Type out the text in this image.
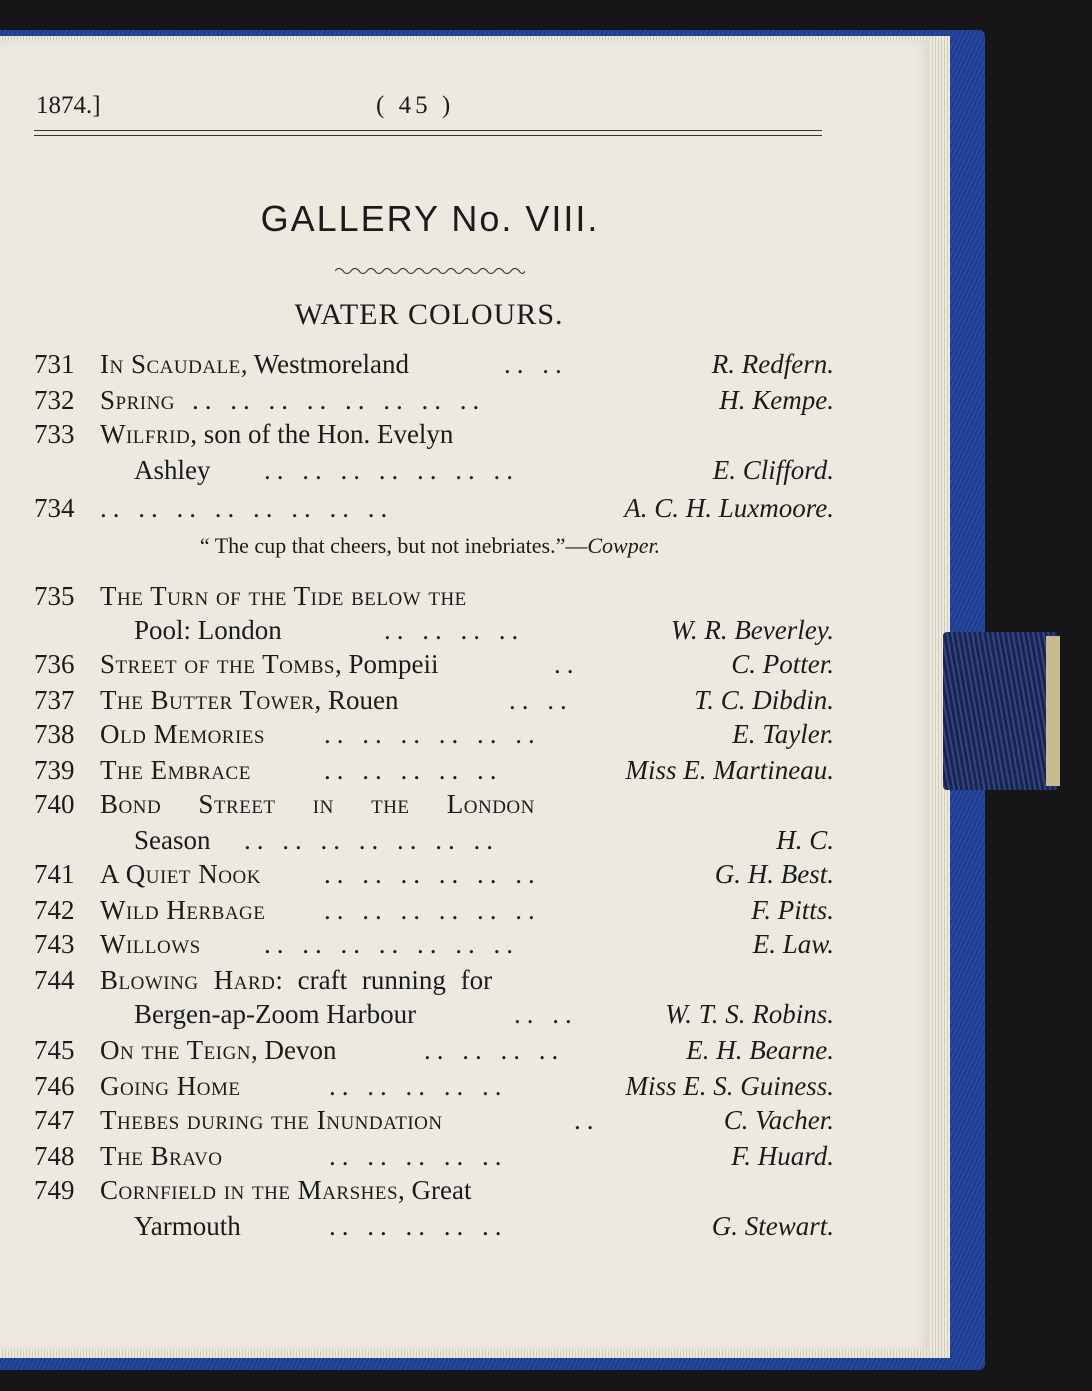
1874.]	( 45 )
GALLERY No. VIII.
WATER COLOURS.
731 In Scaudale, Westmoreland	.. ..	R. Redfern.
732 Spring .. .. .. .. .. .. .. ..	H. Kempe.
733 Wilfrid, son of the Hon. Evelyn
Ashley .. .. .. .. .. .. ..	E. Clifford.
734 .. .. .. .. .. .. .. ..	A. C. H. Luxmoore.
“ The cup that cheers, but not inebriates.”—Cowper.
735 The Turn of the Tide below the
Pool: London	.. .. .. ..	W. R. Beverley.
736 Street of the Tombs, Pompeii	..	C. Potter.
737 The Butter Tower, Rouen	.. ..	T. C. Dibdin.
738 Old Memories .. .. .. .. .. ..	E. Tayler.
739 The Embrace	.. .. .. .. ..	Miss E. Martineau.
740 Bond Street in the London
Season .. .. .. .. .. .. ..	H. C.
741 A Quiet Nook .. .. .. .. .. ..	G. H. Best.
742 Wild Herbage .. .. .. .. .. ..	F. Pitts.
743 Willows .. .. .. .. .. .. ..	E. Law.
744 Blowing Hard: craft running for
Bergen-ap-Zoom Harbour	.. ..	W. T. S. Robins.
745 On the Teign, Devon	.. .. .. ..	E. H. Bearne.
746 Going Home	.. .. .. .. ..	Miss E. S. Guiness.
747 Thebes during the Inundation	..	C. Vacher.
748 The Bravo	.. .. .. .. ..	F. Huard.
749 Cornfield in the Marshes, Great
Yarmouth	.. .. .. .. ..	G. Stewart.
